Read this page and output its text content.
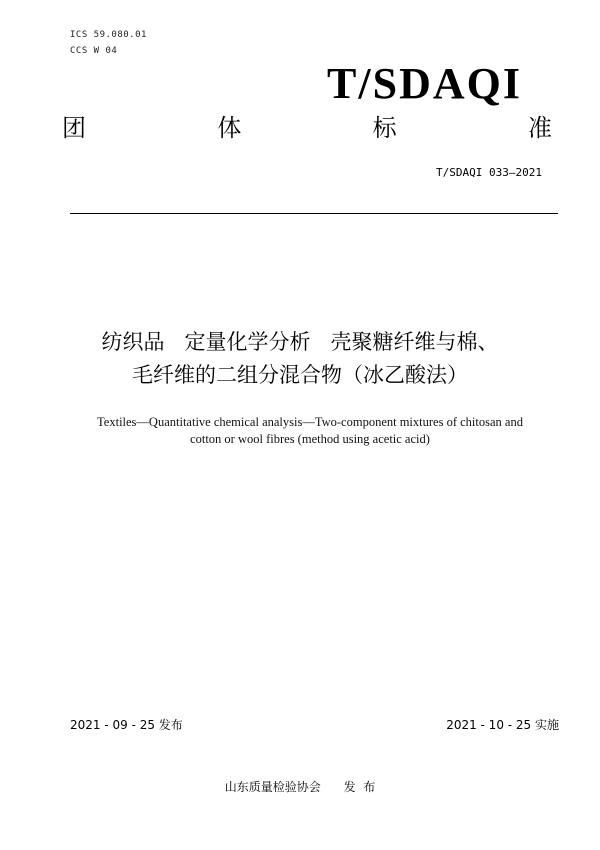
ICS 59.080.01
CCS W 04
T/SDAQI
团	体	标	准
T/SDAQI 033—2021
纺织品   定量化学分析   壳聚糖纤维与棉、
毛纤维的二组分混合物（冰乙酸法）
Textiles—Quantitative chemical analysis—Two-component mixtures of chitosan and
cotton or wool fibres (method using acetic acid)
2021 - 09 - 25 发布	2021 - 10 - 25 实施
山东质量检验协会      发  布
